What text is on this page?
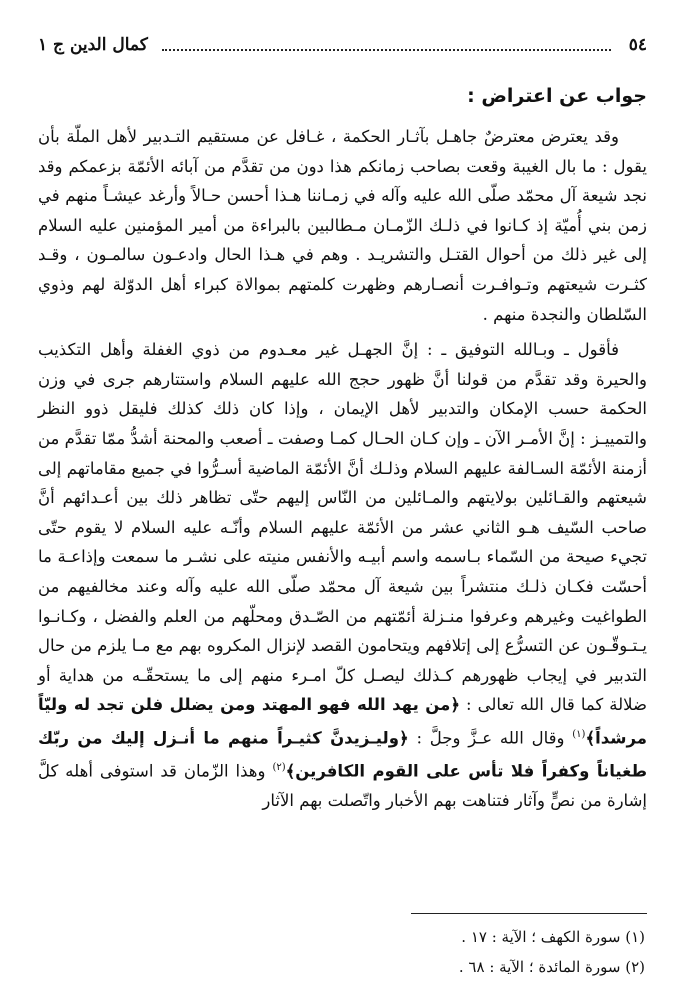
٥٤
كمال الدين ج ١
جواب عن اعتراض :

وقد يعترض معترضٌ جاهـل بآثـار الحكمة ، غـافل عن مستقيم التـدبير لأهل الملّة بأن يقول : ما بال الغيبة وقعت بصاحب زمانكم هذا دون من تقدَّم من آبائه الأئمّة بزعمكم وقد نجد شيعة آل محمّد صلّى الله عليه وآله في زمـاننا هـذا أحسن حـالاً وأرغد عيشـاً منهم في زمن بني أُميّة إذ كـانوا في ذلـك الزّمـان مـطالبين بالبراءة من أمير المؤمنين عليه السلام إلى غير ذلك من أحوال القتـل والتشريـد . وهم في هـذا الحال وادعـون سالمـون ، وقـد كثـرت شيعتهم وتـوافـرت أنصـارهم وظهرت كلمتهم بموالاة كبراء أهل الدوّلة لهم وذوي السّلطان والنجدة منهم .

فأقول ـ وبـالله التوفيق ـ : إنَّ الجهـل غير معـدوم من ذوي الغفلة وأهل التكذيب والحيرة وقد تقدَّم من قولنا أنَّ ظهور حجج الله عليهم السلام واستتارهم جرى في وزن الحكمة حسب الإمكان والتدبير لأهل الإيمان ، وإذا كان ذلك كذلك فليقل ذوو النظر والتمييـز : إنَّ الأمـر الآن ـ وإن كـان الحـال كمـا وصفت ـ أصعب والمحنة أشدُّ ممّا تقدَّم من أزمنة الأئمّة السـالفة عليهم السلام وذلـك أنَّ الأئمّة الماضية أسـرُّوا في جميع مقاماتهم إلى شيعتهم والقـائلين بولايتهم والمـائلين من النّاس إليهم حتّى تظاهر ذلك بين أعـدائهم أنَّ صاحب السّيف هـو الثاني عشر من الأئمّة عليهم السلام وأنّـه عليه السلام لا يقوم حتّى تجيء صيحة من السّماء بـاسمه واسم أبيـه والأنفس منيته على نشـر ما سمعت وإذاعـة ما أحسّت فكـان ذلـك منتشراً بين شيعة آل محمّد صلّى الله عليه وآله وعند مخالفيهم من الطواغيت وغيرهم وعرفوا منـزلة أئمّتهم من الصّـدق ومحلّهم من العلم والفضل ، وكـانـوا يـتـوقّـون عن التسرُّع إلى إتلافهم ويتحامون القصد لإنزال المكروه بهم مع مـا يلزم من حال التدبير في إيجاب ظهورهم كـذلك ليصـل كلّ امـرء منهم إلى ما يستحقّـه من هداية أو ضلالة كما قال الله تعالى : ﴿من يهد الله فهو المهتد ومن يضلل فلن تجد له وليّاً مرشداً﴾$^{(١)}$ وقال الله عـزَّ وجلَّ : ﴿وليـزيدنَّ كثيـراً منهم ما أنـزل إليك من ربّك طغياناً وكفراً فلا تأس على القوم الكافرين﴾$^{(٢)}$ وهذا الزّمان قد استوفى أهله كلَّ إشارة من نصٍّ وآثار فتناهت بهم الأخبار واتّصلت بهم الآثار

(١) سورة الكهف ؛ الآية : ١٧ .
(٢) سورة المائدة ؛ الآية : ٦٨ .
